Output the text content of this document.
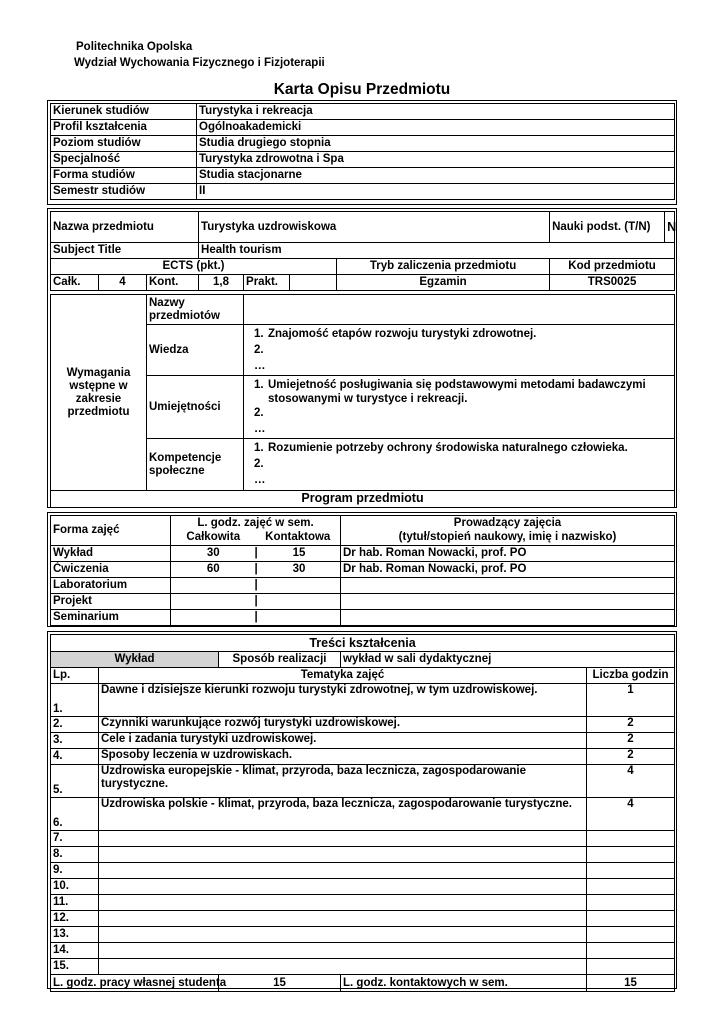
Politechnika Opolska
Wydział Wychowania Fizycznego i Fizjoterapii
Karta Opisu Przedmiotu
Kierunek studiów	Turystyka i rekreacja
Profil kształcenia	Ogólnoakademicki
Poziom studiów	Studia drugiego stopnia
Specjalność	Turystyka zdrowotna i Spa
Forma studiów	Studia stacjonarne
Semestr studiów	II
Nazwa przedmiotu			Turystyka uzdrowiskowa				Nauki podst. (T/N)	N
Subject Title			Health tourism					
ECTS (pkt.)						Tryb zaliczenia przedmiotu	Kod przedmiotu	
Całk.	4	Kont.	1,8	Prakt.		Egzamin	TRS0025	
Wymagania wstępne w zakresie przedmiotu	Nazwy przedmiotów	
	Wiedza	1. Znajomość etapów rozwoju turystyki zdrowotnej.
2.
…

	Umiejętności	1. Umiejetność posługiwania się podstawowymi metodami badawczymi stosowanymi w turystyce i rekreacji.
2.
…

	Kompetencje społeczne	1. Rozumienie potrzeby ochrony środowiska naturalnego człowieka.
2.
…

Program przedmiotu		
Forma zajęć	L. godz. zajęć w sem.		Prowadzący zajęcia
	Całkowita	Kontaktowa	(tytuł/stopień naukowy, imię i nazwisko)
Wykład	30	| 15	Dr hab. Roman Nowacki, prof. PO
Ćwiczenia	60	| 30	Dr hab. Roman Nowacki, prof. PO
Laboratorium		|	
Projekt		|	
Seminarium		|	
Treści kształcenia				
Wykład		Sposób realizacji	wykład w sali dydaktycznej	
Lp.	Tematyka zajęć			Liczba godzin
1.	Dawne i dzisiejsze kierunki rozwoju turystyki zdrowotnej, w tym uzdrowiskowej.			1
2.	Czynniki warunkujące rozwój turystyki uzdrowiskowej.			2
3.	Cele i zadania turystyki uzdrowiskowej.			2
4.	Sposoby leczenia w uzdrowiskach.			2
5.	Uzdrowiska europejskie - klimat, przyroda, baza lecznicza, zagospodarowanie turystyczne.			4
6.	Uzdrowiska polskie - klimat, przyroda, baza lecznicza, zagospodarowanie turystyczne.			4
7.				
8.				
9.				
10.				
11.				
12.				
13.				
14.				
15.				
L. godz. pracy własnej studenta		15	L. godz. kontaktowych w sem.	15
